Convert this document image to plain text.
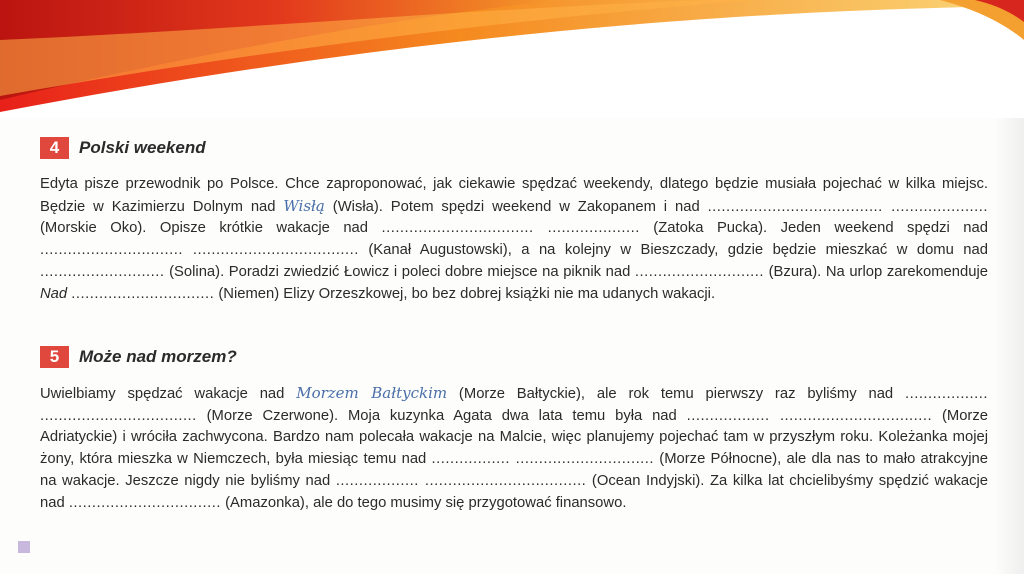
4	Polski weekend
Edyta pisze przewodnik po Polsce. Chce zaproponować, jak ciekawie spędzać weekendy, dlatego będzie musiała pojechać w kilka miejsc. Będzie w Kazimierzu Dolnym nad Wisłą (Wisła). Potem spędzi weekend w Zakopanem i nad ...................................... ..................... (Morskie Oko). Opisze krótkie wakacje nad ................................. .................... (Zatoka Pucka). Jeden weekend spędzi nad ............................... .................................... (Kanał Augustowski), a na kolejny w Bieszczady, gdzie będzie mieszkać w domu nad ........................... (Solina). Poradzi zwiedzić Łowicz i poleci dobre miejsce na piknik nad ............................ (Bzura). Na urlop zarekomenduje Nad ............................... (Niemen) Elizy Orzeszkowej, bo bez dobrej książki nie ma udanych wakacji.
5	Może nad morzem?
Uwielbiamy spędzać wakacje nad Morzem Bałtyckim (Morze Bałtyckie), ale rok temu pierwszy raz byliśmy nad .................. .................................. (Morze Czerwone). Moja kuzynka Agata dwa lata temu była nad .................. ................................. (Morze Adriatyckie) i wróciła zachwycona. Bardzo nam polecała wakacje na Malcie, więc planujemy pojechać tam w przyszłym roku. Koleżanka mojej żony, która mieszka w Niemczech, była miesiąc temu nad ................. .............................. (Morze Północne), ale dla nas to mało atrakcyjne na wakacje. Jeszcze nigdy nie byliśmy nad .................. ................................... (Ocean Indyjski). Za kilka lat chcielibyśmy spędzić wakacje nad ................................. (Amazonka), ale do tego musimy się przygotować finansowo.
